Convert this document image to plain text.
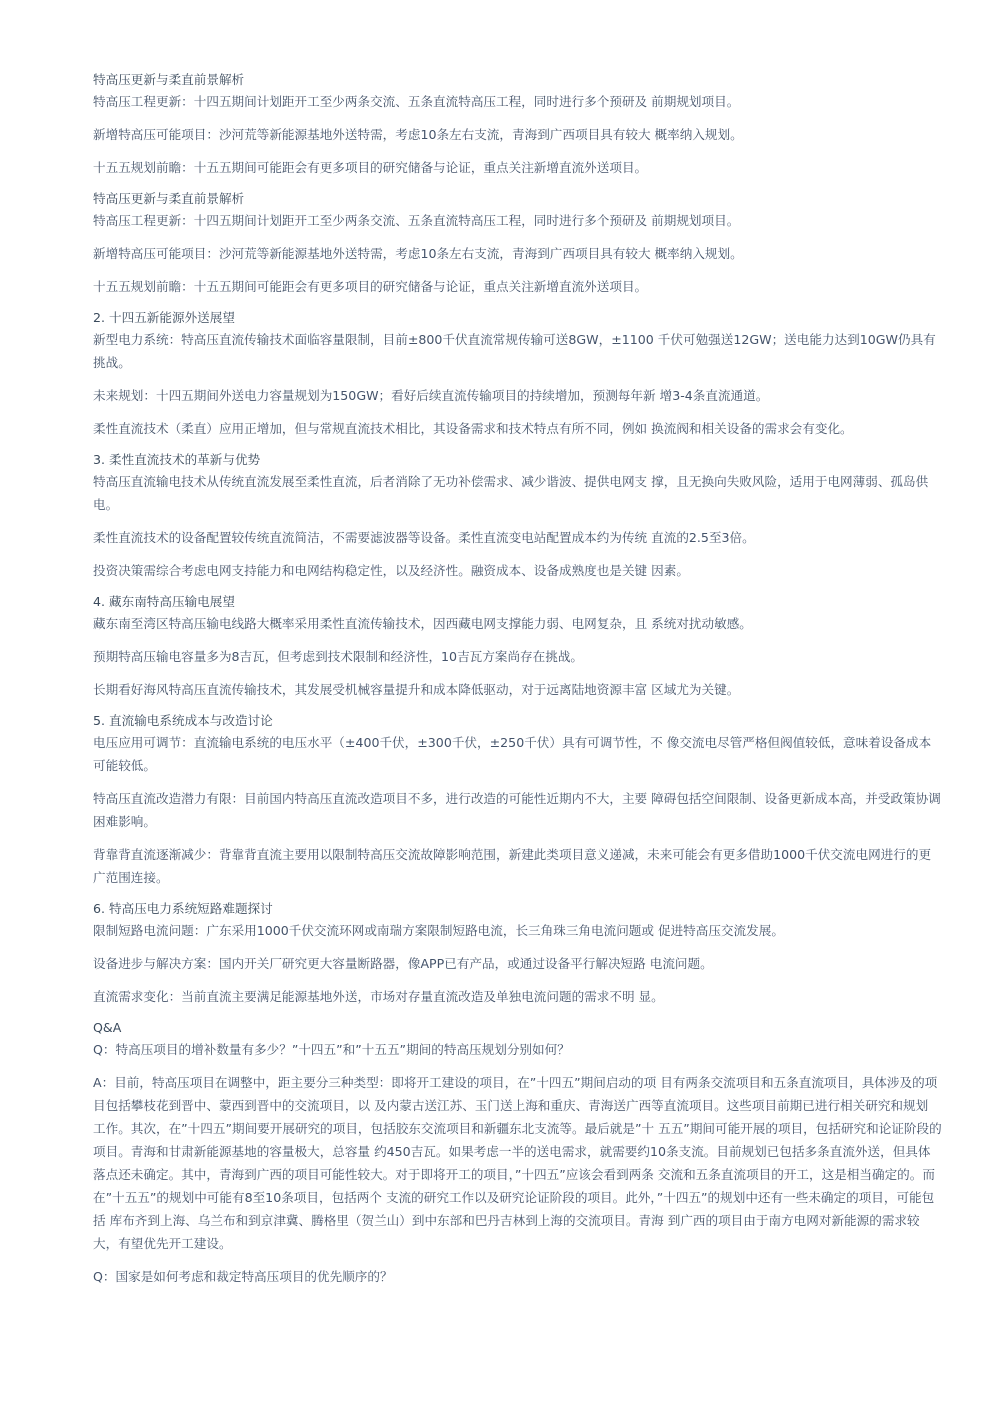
特高压更新与柔直前景解析

特高压工程更新：十四五期间计划距开工至少两条交流、五条直流特高压工程，同时进行多个预研及 前期规划项目。

新增特高压可能项目：沙河荒等新能源基地外送特需，考虑10条左右支流，青海到广西项目具有较大 概率纳入规划。

十五五规划前瞻：十五五期间可能距会有更多项目的研究储备与论证，重点关注新增直流外送项目。

特高压更新与柔直前景解析

特高压工程更新：十四五期间计划距开工至少两条交流、五条直流特高压工程，同时进行多个预研及 前期规划项目。

新增特高压可能项目：沙河荒等新能源基地外送特需，考虑10条左右支流，青海到广西项目具有较大 概率纳入规划。

十五五规划前瞻：十五五期间可能距会有更多项目的研究储备与论证，重点关注新增直流外送项目。

2. 十四五新能源外送展望

新型电力系统：特高压直流传输技术面临容量限制，目前±800千伏直流常规传输可送8GW，±1100 千伏可勉强送12GW；送电能力达到10GW仍具有挑战。

未来规划：十四五期间外送电力容量规划为150GW；看好后续直流传输项目的持续增加，预测每年新 增3-4条直流通道。

柔性直流技术（柔直）应用正增加，但与常规直流技术相比，其设备需求和技术特点有所不同，例如 换流阀和相关设备的需求会有变化。

3. 柔性直流技术的革新与优势

特高压直流输电技术从传统直流发展至柔性直流，后者消除了无功补偿需求、减少谐波、提供电网支 撑，且无换向失败风险，适用于电网薄弱、孤岛供电。

柔性直流技术的设备配置较传统直流简洁，不需要滤波器等设备。柔性直流变电站配置成本约为传统 直流的2.5至3倍。

投资决策需综合考虑电网支持能力和电网结构稳定性，以及经济性。融资成本、设备成熟度也是关键 因素。

4. 藏东南特高压输电展望

藏东南至湾区特高压输电线路大概率采用柔性直流传输技术，因西藏电网支撑能力弱、电网复杂，且 系统对扰动敏感。

预期特高压输电容量多为8吉瓦，但考虑到技术限制和经济性，10吉瓦方案尚存在挑战。

长期看好海风特高压直流传输技术，其发展受机械容量提升和成本降低驱动，对于远离陆地资源丰富 区域尤为关键。

5. 直流输电系统成本与改造讨论

电压应用可调节：直流输电系统的电压水平（±400千伏，±300千伏，±250千伏）具有可调节性，不 像交流电尽管严格但阀值较低，意味着设备成本可能较低。

特高压直流改造潜力有限：目前国内特高压直流改造项目不多，进行改造的可能性近期内不大，主要 障碍包括空间限制、设备更新成本高，并受政策协调困难影响。

背靠背直流逐渐减少：背靠背直流主要用以限制特高压交流故障影响范围，新建此类项目意义递减，未来可能会有更多借助1000千伏交流电网进行的更广范围连接。

6. 特高压电力系统短路难题探讨

限制短路电流问题：广东采用1000千伏交流环网或南瑞方案限制短路电流，长三角珠三角电流问题或 促进特高压交流发展。

设备进步与解决方案：国内开关厂研究更大容量断路器，像APP已有产品，或通过设备平行解决短路 电流问题。

直流需求变化：当前直流主要满足能源基地外送，市场对存量直流改造及单独电流问题的需求不明 显。

Q&A

Q：特高压项目的增补数量有多少？”十四五”和”十五五”期间的特高压规划分别如何？

A：目前，特高压项目在调整中，距主要分三种类型：即将开工建设的项目，在”十四五”期间启动的项 目有两条交流项目和五条直流项目，具体涉及的项目包括攀枝花到晋中、蒙西到晋中的交流项目，以 及内蒙古送江苏、玉门送上海和重庆、青海送广西等直流项目。这些项目前期已进行相关研究和规划 工作。其次，在”十四五”期间要开展研究的项目，包括胶东交流项目和新疆东北支流等。最后就是”十 五五”期间可能开展的项目，包括研究和论证阶段的项目。青海和甘肃新能源基地的容量极大，总容量 约450吉瓦。如果考虑一半的送电需求，就需要约10条支流。目前规划已包括多条直流外送，但具体 落点还未确定。其中，青海到广西的项目可能性较大。对于即将开工的项目，”十四五”应该会看到两条 交流和五条直流项目的开工，这是相当确定的。而在”十五五”的规划中可能有8至10条项目，包括两个 支流的研究工作以及研究论证阶段的项目。此外，”十四五”的规划中还有一些未确定的项目，可能包括 库布齐到上海、乌兰布和到京津冀、腾格里（贺兰山）到中东部和巴丹吉林到上海的交流项目。青海 到广西的项目由于南方电网对新能源的需求较大，有望优先开工建设。

Q：国家是如何考虑和裁定特高压项目的优先顺序的？
